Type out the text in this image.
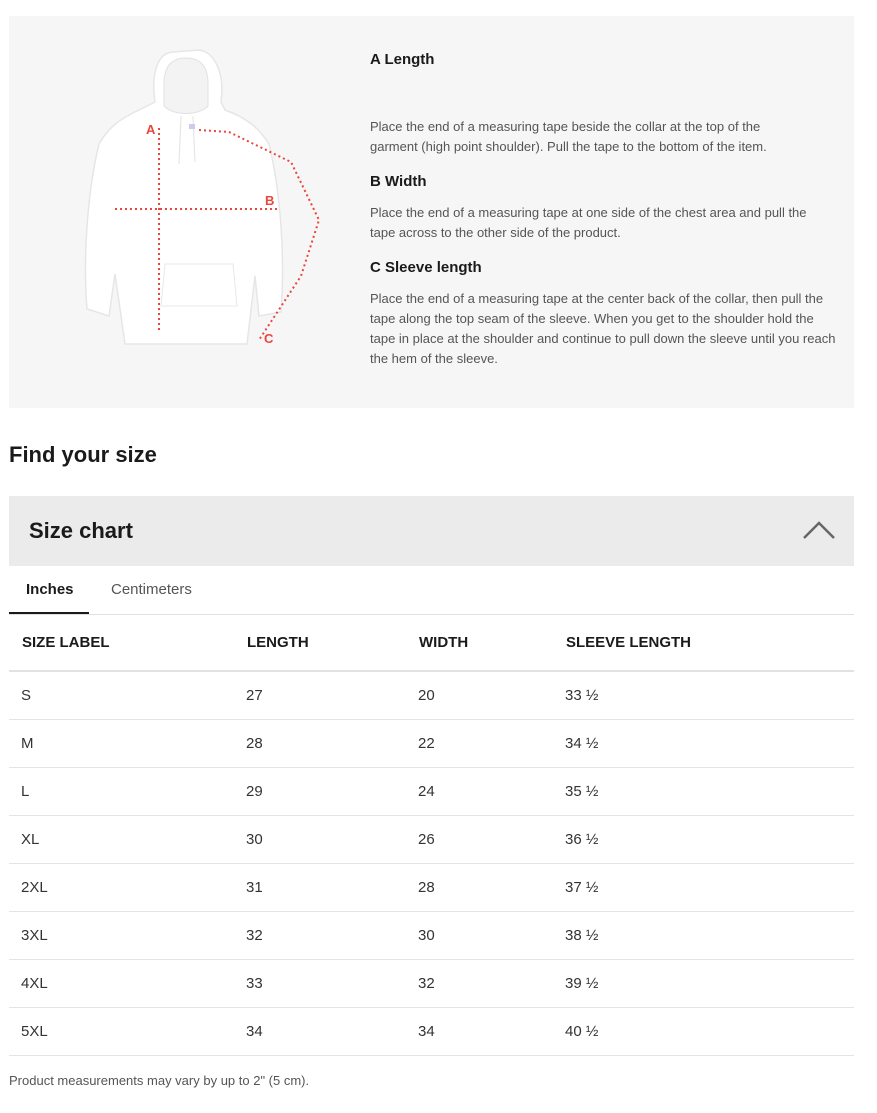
A
B
C
A Length

Place the end of a measuring tape beside the collar at the top of the garment (high point shoulder). Pull the tape to the bottom of the item.

B Width

Place the end of a measuring tape at one side of the chest area and pull the tape across to the other side of the product.

C Sleeve length

Place the end of a measuring tape at the center back of the collar, then pull the tape along the top seam of the sleeve. When you get to the shoulder hold the tape in place at the shoulder and continue to pull down the sleeve until you reach the hem of the sleeve.

Find your size
Size chart
Inches Centimeters
SIZE LABEL	LENGTH	WIDTH	SLEEVE LENGTH
S	27	20	33 ½
M	28	22	34 ½
L	29	24	35 ½
XL	30	26	36 ½
2XL	31	28	37 ½
3XL	32	30	38 ½
4XL	33	32	39 ½
5XL	34	34	40 ½

Product measurements may vary by up to 2" (5 cm).
